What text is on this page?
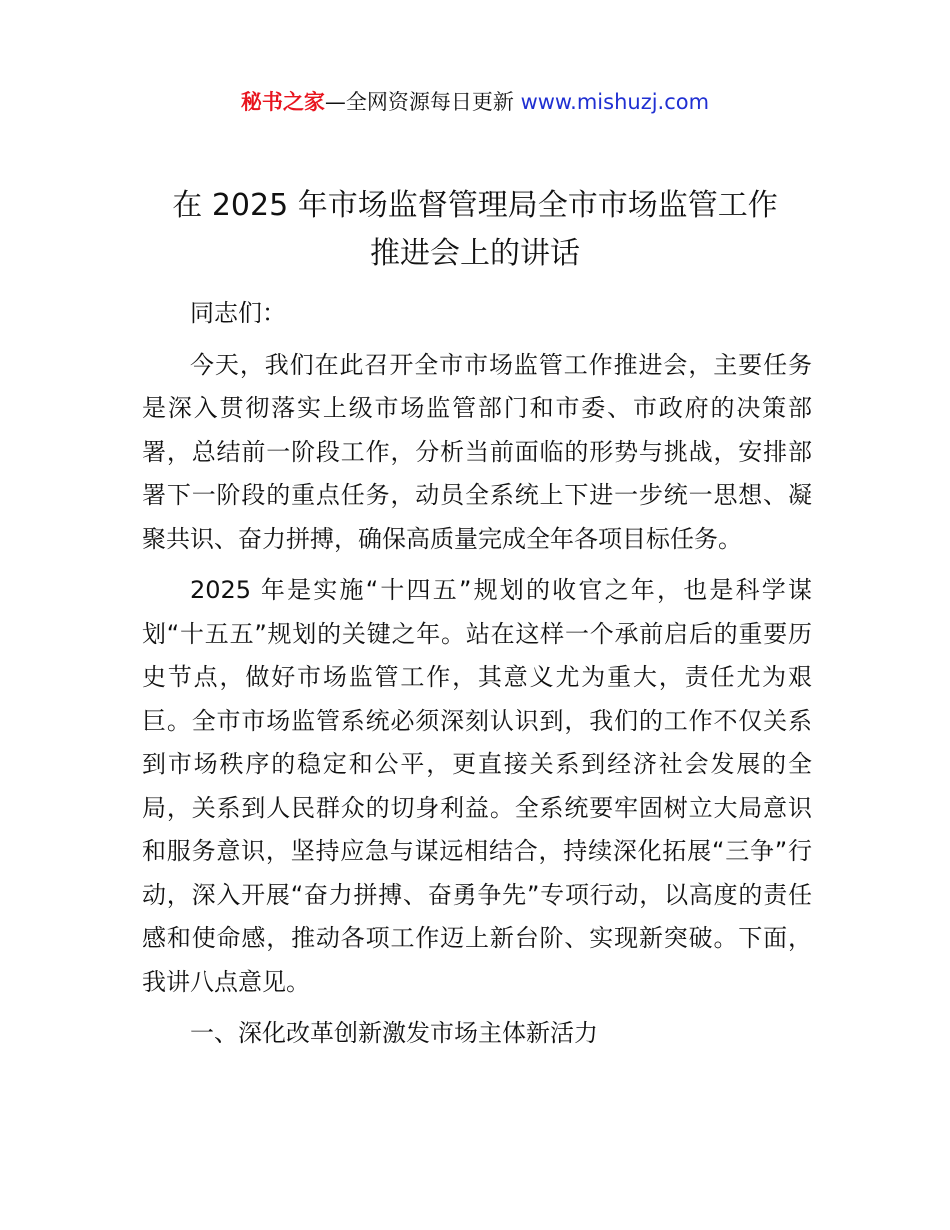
秘书之家—全网资源每日更新 www.mishuzj.com
在 2025 年市场监督管理局全市市场监管工作
推进会上的讲话

同志们：

今天，我们在此召开全市市场监管工作推进会，主要任务是深入贯彻落实上级市场监管部门和市委、市政府的决策部署，总结前一阶段工作，分析当前面临的形势与挑战，安排部署下一阶段的重点任务，动员全系统上下进一步统一思想、凝聚共识、奋力拼搏，确保高质量完成全年各项目标任务。

2025 年是实施“十四五”规划的收官之年，也是科学谋划“十五五”规划的关键之年。站在这样一个承前启后的重要历史节点，做好市场监管工作，其意义尤为重大，责任尤为艰巨。全市市场监管系统必须深刻认识到，我们的工作不仅关系到市场秩序的稳定和公平，更直接关系到经济社会发展的全局，关系到人民群众的切身利益。全系统要牢固树立大局意识和服务意识，坚持应急与谋远相结合，持续深化拓展“三争”行动，深入开展“奋力拼搏、奋勇争先”专项行动，以高度的责任感和使命感，推动各项工作迈上新台阶、实现新突破。下面，我讲八点意见。

一、深化改革创新激发市场主体新活力
